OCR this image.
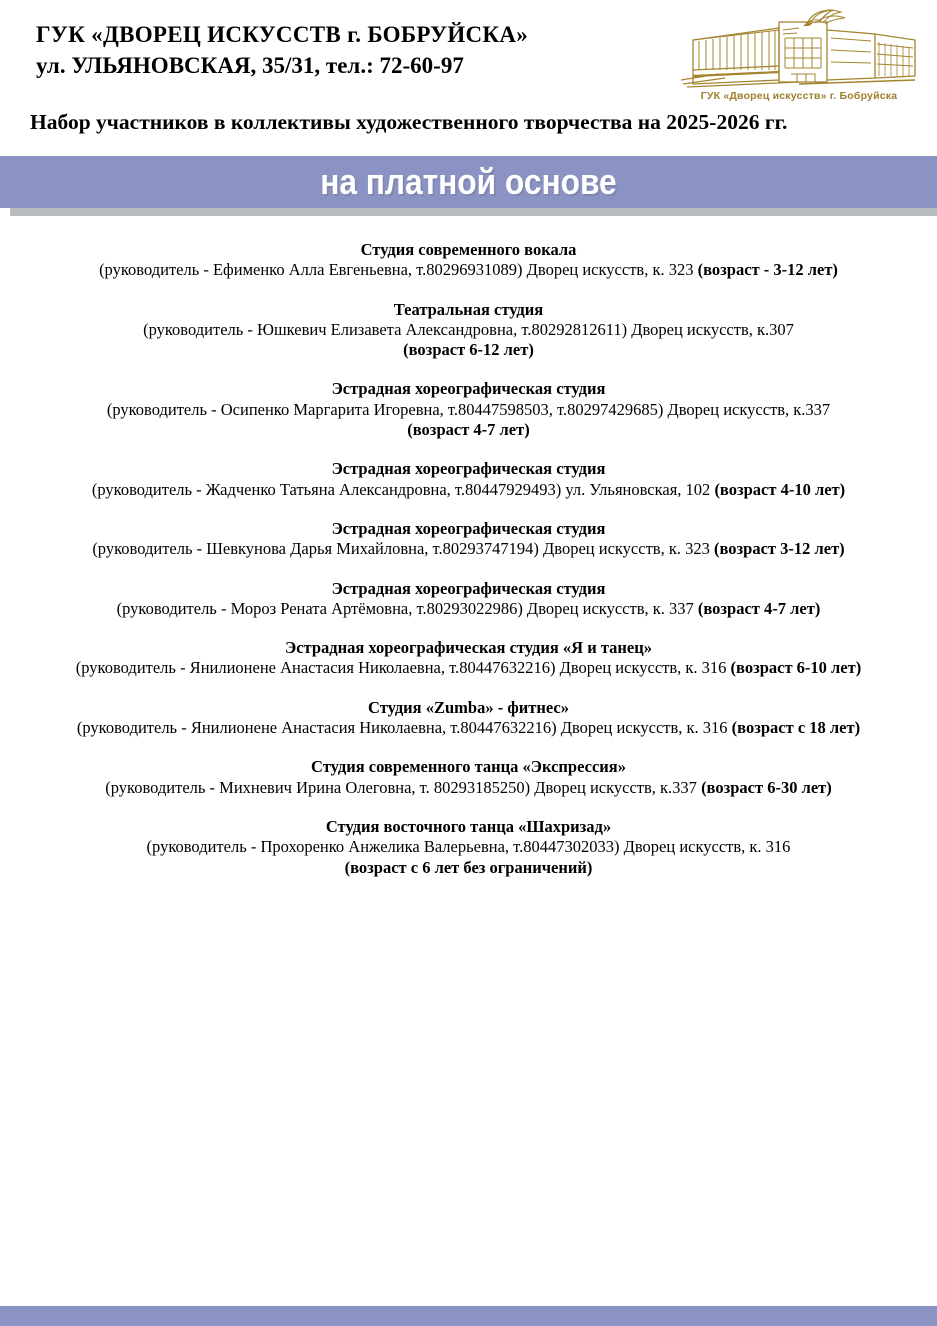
ГУК «ДВОРЕЦ ИСКУССТВ г. БОБРУЙСКА»
ул. УЛЬЯНОВСКАЯ, 35/31, тел.: 72-60-97
ГУК «Дворец искусств» г. Бобруйска
Набор участников в коллективы художественного творчества на 2025-2026 гг.
на платной основе
Студия современного вокала
(руководитель - Ефименко Алла Евгеньевна, т.80296931089) Дворец искусств, к. 323 (возраст - 3-12 лет)
Театральная студия
(руководитель - Юшкевич Елизавета Александровна, т.80292812611) Дворец искусств, к.307
(возраст 6-12 лет)
Эстрадная хореографическая студия
(руководитель - Осипенко Маргарита Игоревна, т.80447598503, т.80297429685) Дворец искусств, к.337
(возраст 4-7 лет)
Эстрадная хореографическая студия
(руководитель - Жадченко Татьяна Александровна, т.80447929493) ул. Ульяновская, 102 (возраст 4-10 лет)
Эстрадная хореографическая студия
(руководитель - Шевкунова Дарья Михайловна, т.80293747194) Дворец искусств, к. 323 (возраст 3-12 лет)
Эстрадная хореографическая студия
(руководитель - Мороз Рената Артёмовна, т.80293022986) Дворец искусств, к. 337 (возраст 4-7 лет)
Эстрадная хореографическая студия «Я и танец»
(руководитель - Янилионене Анастасия Николаевна, т.80447632216) Дворец искусств, к. 316 (возраст 6-10 лет)
Студия «Zumba» - фитнес»
(руководитель - Янилионене Анастасия Николаевна, т.80447632216) Дворец искусств, к. 316 (возраст с 18 лет)
Студия современного танца «Экспрессия»
(руководитель - Михневич Ирина Олеговна, т. 80293185250) Дворец искусств, к.337 (возраст 6-30 лет)
Студия восточного танца «Шахризад»
(руководитель - Прохоренко Анжелика Валерьевна, т.80447302033) Дворец искусств, к. 316
(возраст с 6 лет без ограничений)
